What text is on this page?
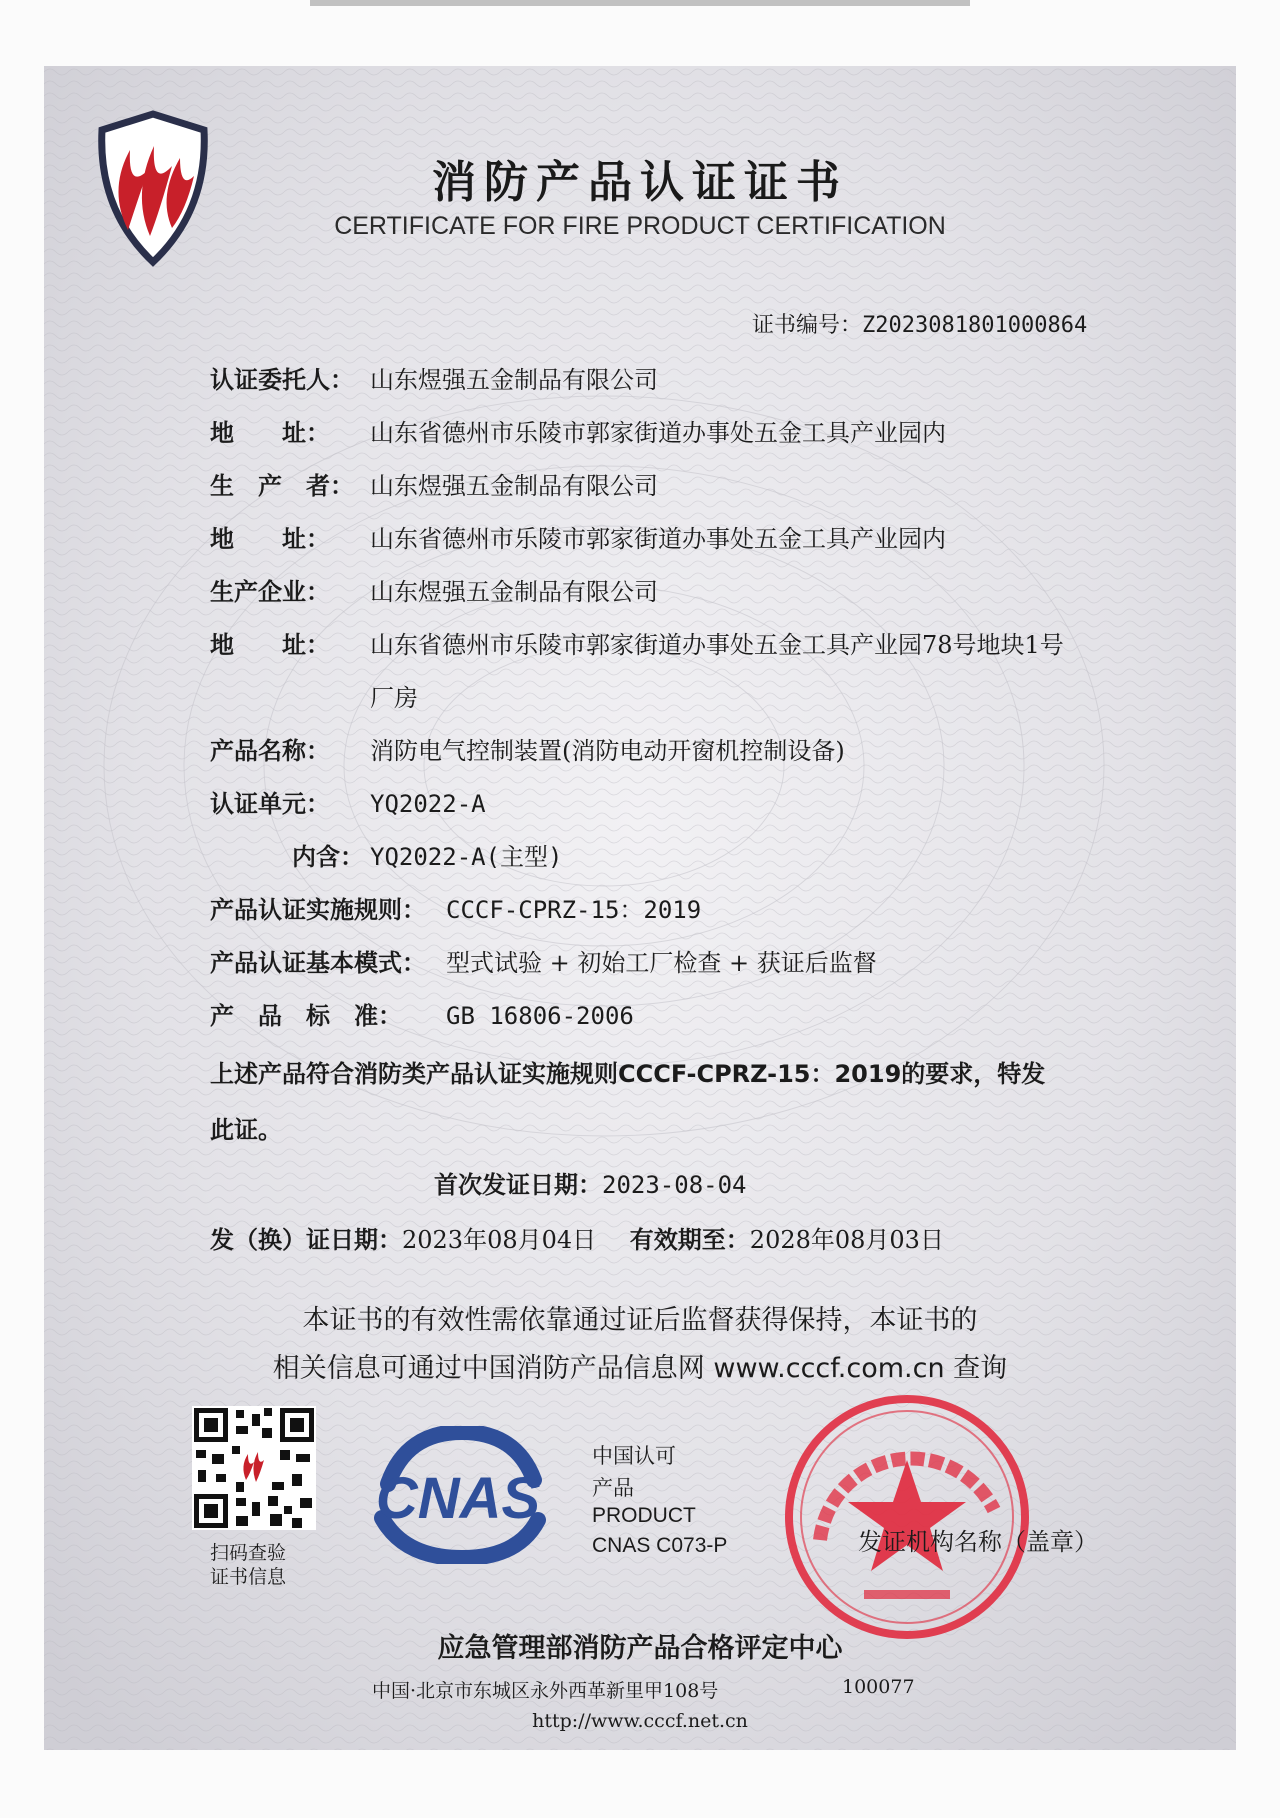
消防产品认证证书
CERTIFICATE FOR FIRE PRODUCT CERTIFICATION
证书编号：Z2023081801000864
认证委托人： 山东煜强五金制品有限公司
地　　址： 山东省德州市乐陵市郭家街道办事处五金工具产业园内
生　产　者： 山东煜强五金制品有限公司
地　　址： 山东省德州市乐陵市郭家街道办事处五金工具产业园内
生产企业： 山东煜强五金制品有限公司
地　　址： 山东省德州市乐陵市郭家街道办事处五金工具产业园78号地块1号
厂房
产品名称： 消防电气控制装置(消防电动开窗机控制设备)
认证单元： YQ2022-A
内含： YQ2022-A(主型)
产品认证实施规则： CCCF-CPRZ-15：2019
产品认证基本模式： 型式试验 + 初始工厂检查 + 获证后监督
产　品　标　准： GB 16806-2006
上述产品符合消防类产品认证实施规则CCCF-CPRZ-15：2019的要求，特发
此证。
首次发证日期：2023-08-04
发（换）证日期：2023年08月04日 有效期至：2028年08月03日
本证书的有效性需依靠通过证后监督获得保持，本证书的
相关信息可通过中国消防产品信息网 www.cccf.com.cn 查询
扫码查验
证书信息
CNAS
中国认可
产品
PRODUCT
CNAS C073-P	发证机构名称（盖章）
应急管理部消防产品合格评定中心
中国·北京市东城区永外西革新里甲108号	100077
http://www.cccf.net.cn
